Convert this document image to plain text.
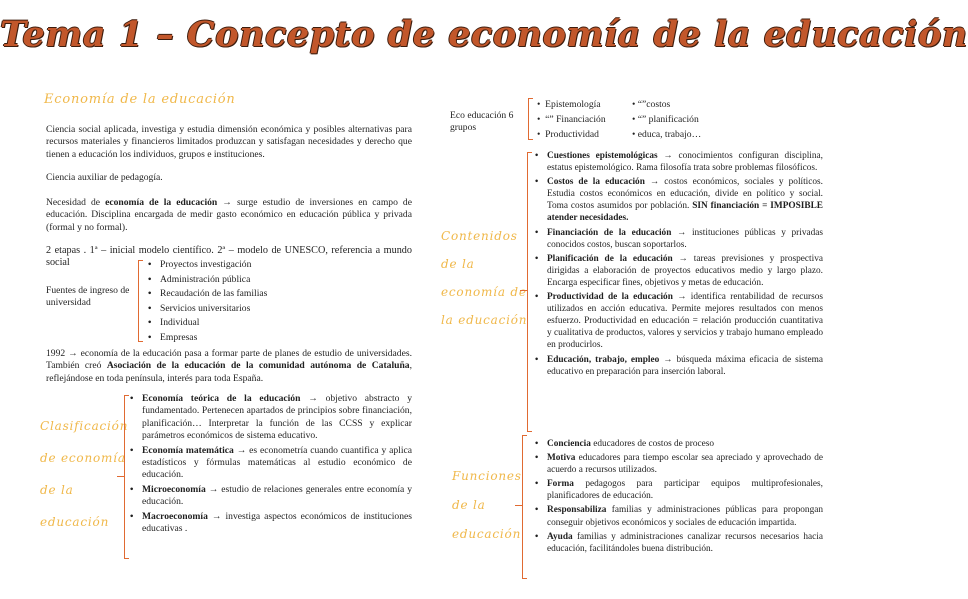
Tema 1 – Concepto de economía de la educación
Economía de la educación

Ciencia social aplicada, investiga y estudia dimensión económica y posibles alternativas para recursos materiales y financieros limitados produzcan y satisfagan necesidades y derecho que tienen a educación los individuos, grupos e instituciones.

Ciencia auxiliar de pedagogía.

Necesidad de economía de la educación → surge estudio de inversiones en campo de educación. Disciplina encargada de medir gasto económico en educación pública y privada (formal y no formal).

2 etapas . 1ª – inicial modelo científico. 2ª – modelo de UNESCO, referencia a mundo social

Fuentes de ingreso de universidad
• Proyectos investigación
• Administración pública
• Recaudación de las familias
• Servicios universitarios
• Individual
• Empresas

1992 → economía de la educación pasa a formar parte de planes de estudio de universidades. También creó Asociación de la educación de la comunidad autónoma de Cataluña, reflejándose en toda península, interés para toda España.

Clasificación
de economía
de la
educación
• Economía teórica de la educación → objetivo abstracto y fundamentado. Pertenecen apartados de principios sobre financiación, planificación… Interpretar la función de las CCSS y explicar parámetros económicos de sistema educativo.
• Economía matemática → es econometría cuando cuantifica y aplica estadísticos y fórmulas matemáticas al estudio económico de educación.
• Microeconomía → estudio de relaciones generales entre economía y educación.
• Macroeconomía → investiga aspectos económicos de instituciones educativas .
Eco educación 6 grupos
•  Epistemología	• “”costos
•  “” Financiación	• “” planificación
•  Productividad	• educa, trabajo…
Contenidos
de la
economía de
la educación
• Cuestiones epistemológicas → conocimientos configuran disciplina, estatus epistemológico. Rama filosofía trata sobre problemas filosóficos.
• Costos de la educación → costos económicos, sociales y políticos. Estudia costos económicos en educación, divide en político y social. Toma costos asumidos por población. SIN financiación = IMPOSIBLE atender necesidades.
• Financiación de la educación → instituciones públicas y privadas conocidos costos, buscan soportarlos.
• Planificación de la educación → tareas previsiones y prospectiva dirigidas a elaboración de proyectos educativos medio y largo plazo. Encarga especificar fines, objetivos y metas de educación.
• Productividad de la educación → identifica rentabilidad de recursos utilizados en acción educativa. Permite mejores resultados con menos esfuerzo. Productividad en educación = relación producción cuantitativa y cualitativa de productos, valores y servicios y trabajo humano empleado en producirlos.
• Educación, trabajo, empleo → búsqueda máxima eficacia de sistema educativo en preparación para inserción laboral.
Funciones
de la
educación
• Conciencia educadores de costos de proceso
• Motiva educadores para tiempo escolar sea apreciado y aprovechado de acuerdo a recursos utilizados.
• Forma pedagogos para participar equipos multiprofesionales, planificadores de educación.
• Responsabiliza familias y administraciones públicas para propongan conseguir objetivos económicos y sociales de educación impartida.
• Ayuda familias y administraciones canalizar recursos necesarios hacia educación, facilitándoles buena distribución.
